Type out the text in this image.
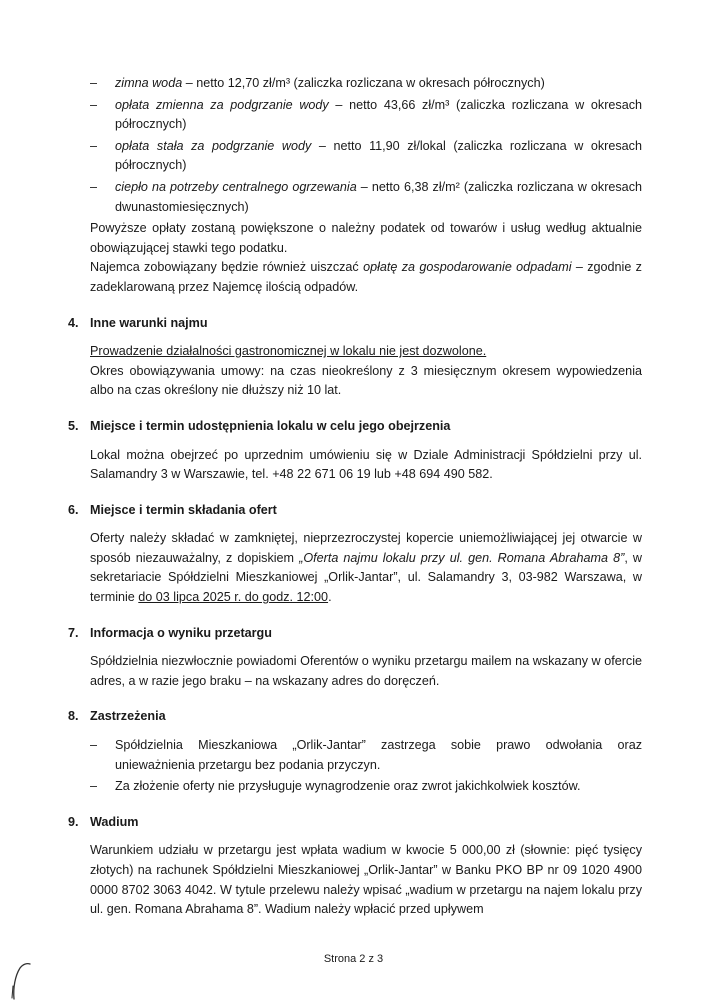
– zimna woda – netto 12,70 zł/m³ (zaliczka rozliczana w okresach półrocznych)
– opłata zmienna za podgrzanie wody – netto 43,66 zł/m³ (zaliczka rozliczana w okresach półrocznych)
– opłata stała za podgrzanie wody – netto 11,90 zł/lokal (zaliczka rozliczana w okresach półrocznych)
– ciepło na potrzeby centralnego ogrzewania – netto 6,38 zł/m² (zaliczka rozliczana w okresach dwunastomiesięcznych)

Powyższe opłaty zostaną powiększone o należny podatek od towarów i usług według aktualnie obowiązującej stawki tego podatku.

Najemca zobowiązany będzie również uiszczać opłatę za gospodarowanie odpadami – zgodnie z zadeklarowaną przez Najemcę ilością odpadów.

4. Inne warunki najmu

Prowadzenie działalności gastronomicznej w lokalu nie jest dozwolone.

Okres obowiązywania umowy: na czas nieokreślony z 3 miesięcznym okresem wypowiedzenia albo na czas określony nie dłuższy niż 10 lat.

5. Miejsce i termin udostępnienia lokalu w celu jego obejrzenia

Lokal można obejrzeć po uprzednim umówieniu się w Dziale Administracji Spółdzielni przy ul. Salamandry 3 w Warszawie, tel. +48 22 671 06 19 lub +48 694 490 582.

6. Miejsce i termin składania ofert

Oferty należy składać w zamkniętej, nieprzezroczystej kopercie uniemożliwiającej jej otwarcie w sposób niezauważalny, z dopiskiem „Oferta najmu lokalu przy ul. gen. Romana Abrahama 8”, w sekretariacie Spółdzielni Mieszkaniowej „Orlik-Jantar”, ul. Salamandry 3, 03-982 Warszawa, w terminie do 03 lipca 2025 r. do godz. 12:00.

7. Informacja o wyniku przetargu

Spółdzielnia niezwłocznie powiadomi Oferentów o wyniku przetargu mailem na wskazany w ofercie adres, a w razie jego braku – na wskazany adres do doręczeń.

8. Zastrzeżenia
– Spółdzielnia Mieszkaniowa „Orlik-Jantar” zastrzega sobie prawo odwołania oraz unieważnienia przetargu bez podania przyczyn.
– Za złożenie oferty nie przysługuje wynagrodzenie oraz zwrot jakichkolwiek kosztów.
9. Wadium

Warunkiem udziału w przetargu jest wpłata wadium w kwocie 5 000,00 zł (słownie: pięć tysięcy złotych) na rachunek Spółdzielni Mieszkaniowej „Orlik-Jantar” w Banku PKO BP nr 09 1020 4900 0000 8702 3063 4042. W tytule przelewu należy wpisać „wadium w przetargu na najem lokalu przy ul. gen. Romana Abrahama 8”. Wadium należy wpłacić przed upływem

Strona 2 z 3
